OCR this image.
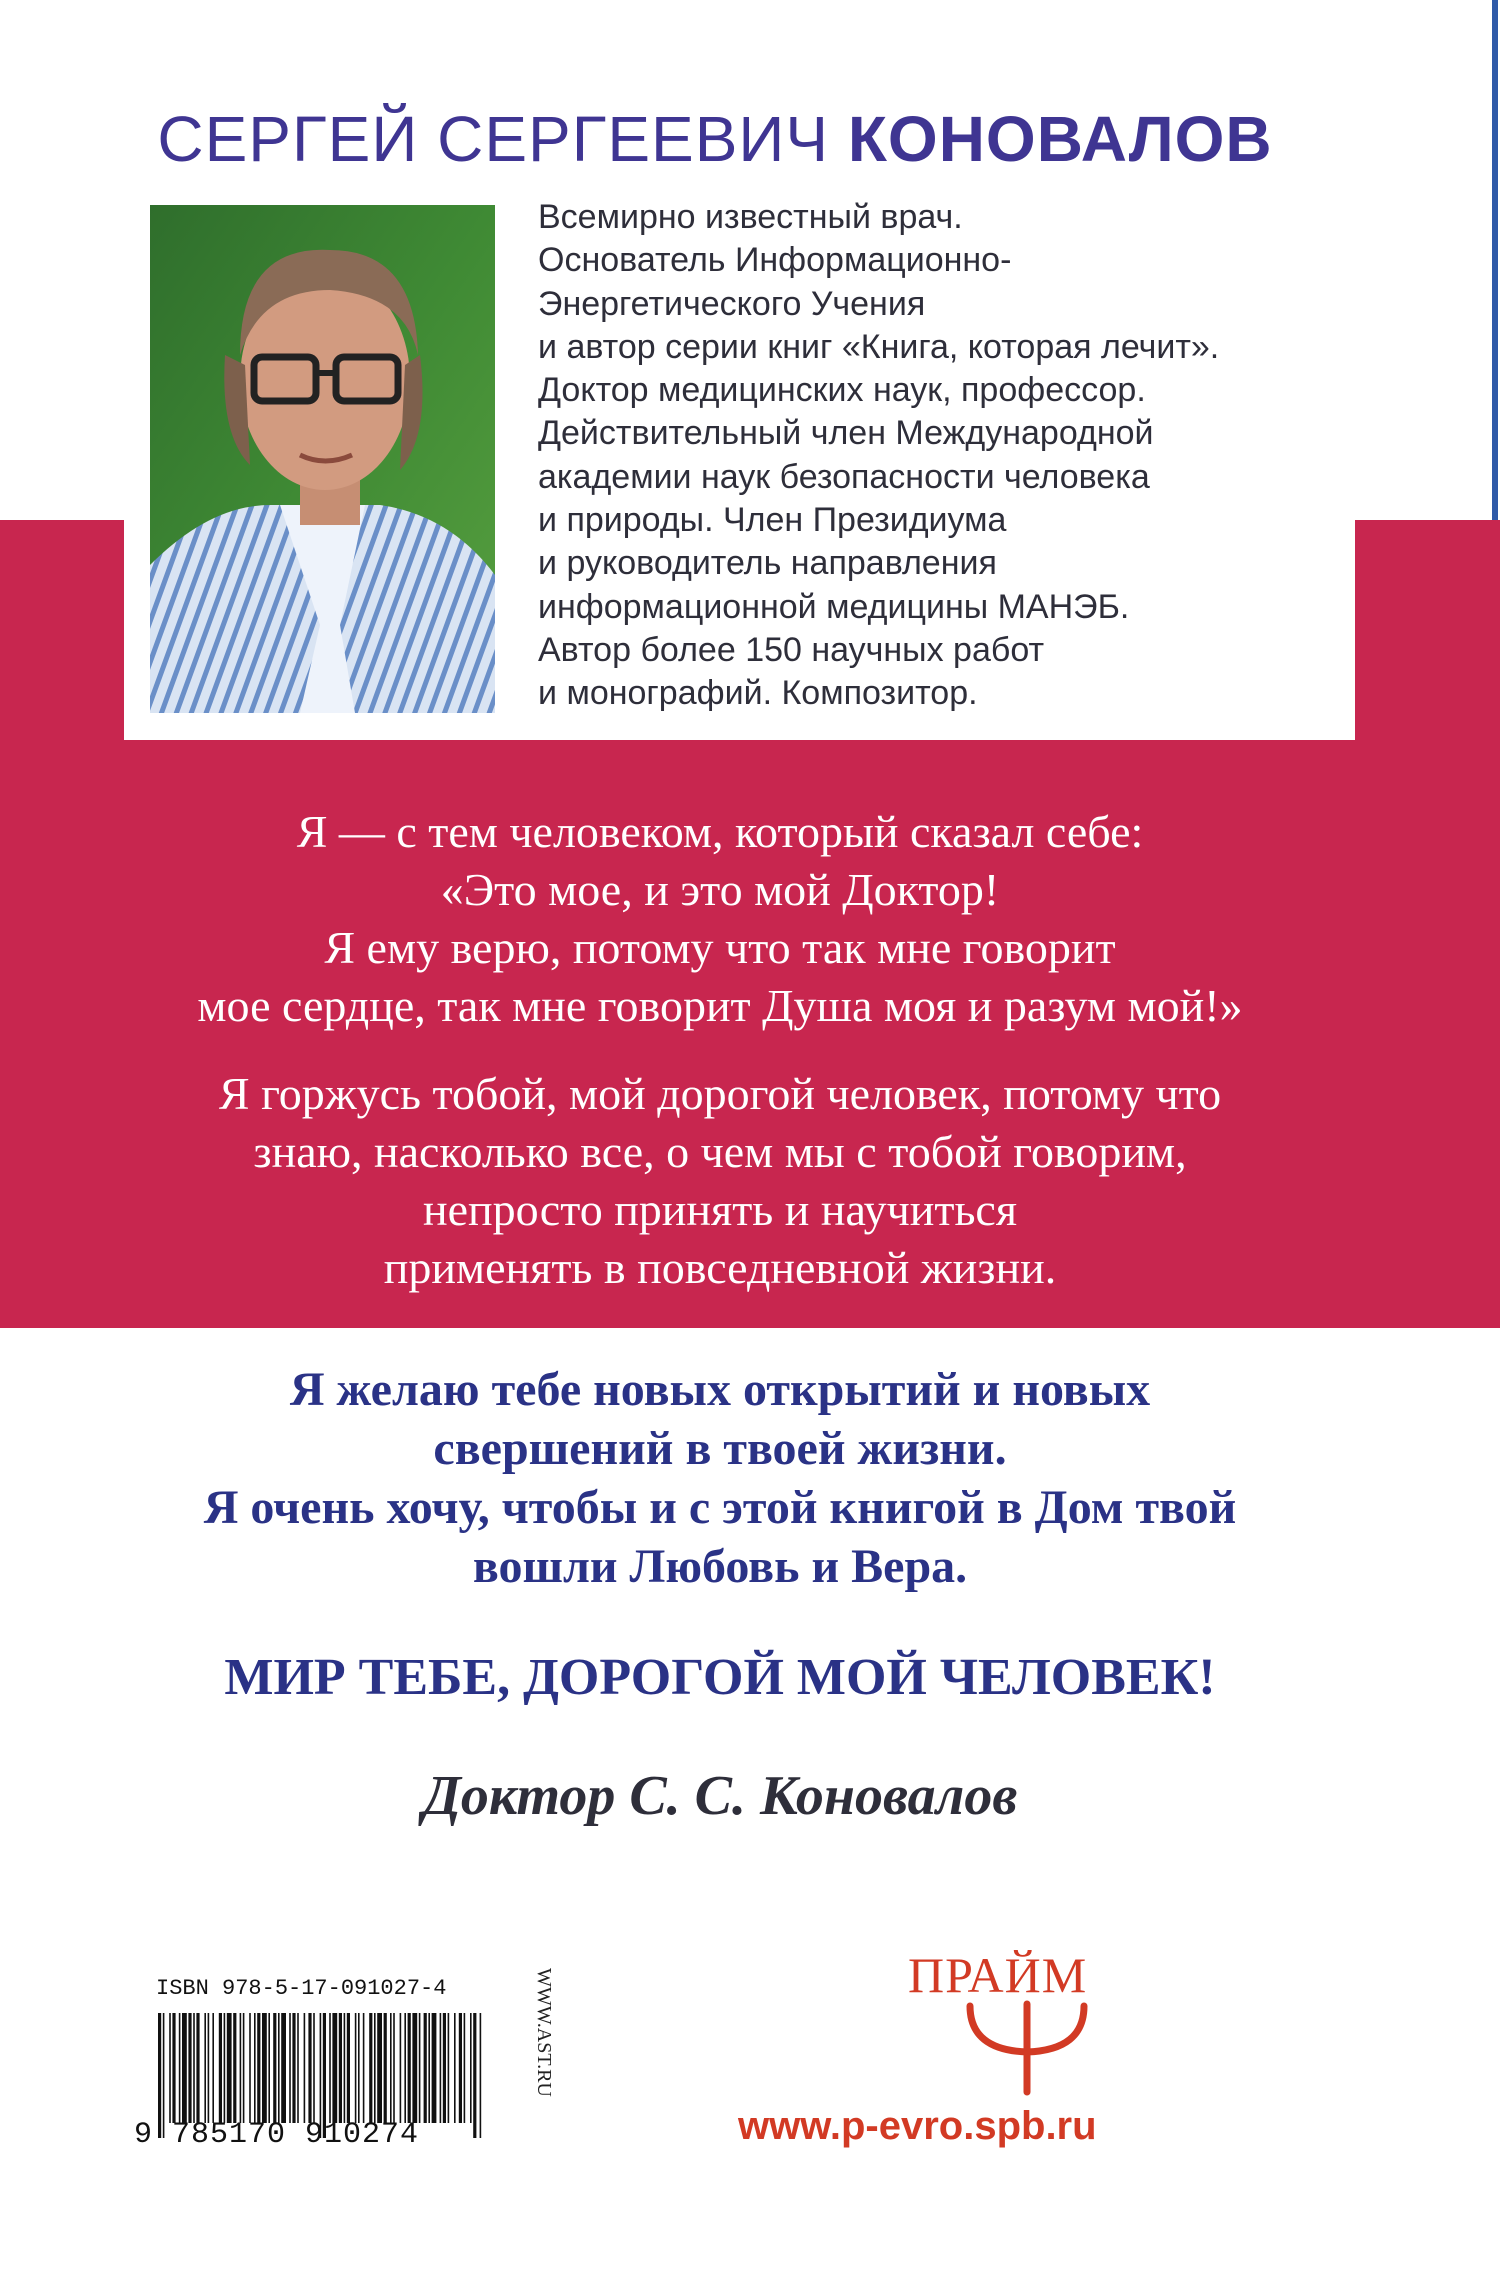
СЕРГЕЙ СЕРГЕЕВИЧ КОНОВАЛОВ
Всемирно известный врач.
Основатель Информационно-
Энергетического Учения
и автор серии книг «Книга, которая лечит».
Доктор медицинских наук, профессор.
Действительный член Международной
академии наук безопасности человека
и природы. Член Президиума
и руководитель направления
информационной медицины МАНЭБ.
Автор более 150 научных работ
и монографий. Композитор.
Я — с тем человеком, который сказал себе:
«Это мое, и это мой Доктор!
Я ему верю, потому что так мне говорит
мое сердце, так мне говорит Душа моя и разум мой!»
Я горжусь тобой, мой дорогой человек, потому что
знаю, насколько все, о чем мы с тобой говорим,
непросто принять и научиться
применять в повседневной жизни.
Я желаю тебе новых открытий и новых
свершений в твоей жизни.
Я очень хочу, чтобы и с этой книгой в Дом твой
вошли Любовь и Вера.
МИР ТЕБЕ, ДОРОГОЙ МОЙ ЧЕЛОВЕК!
Доктор С. С. Коновалов
ISBN 978-5-17-091027-4
9 785170 910274
WWW.AST.RU	ПРАЙМ
www.p-evro.spb.ru
